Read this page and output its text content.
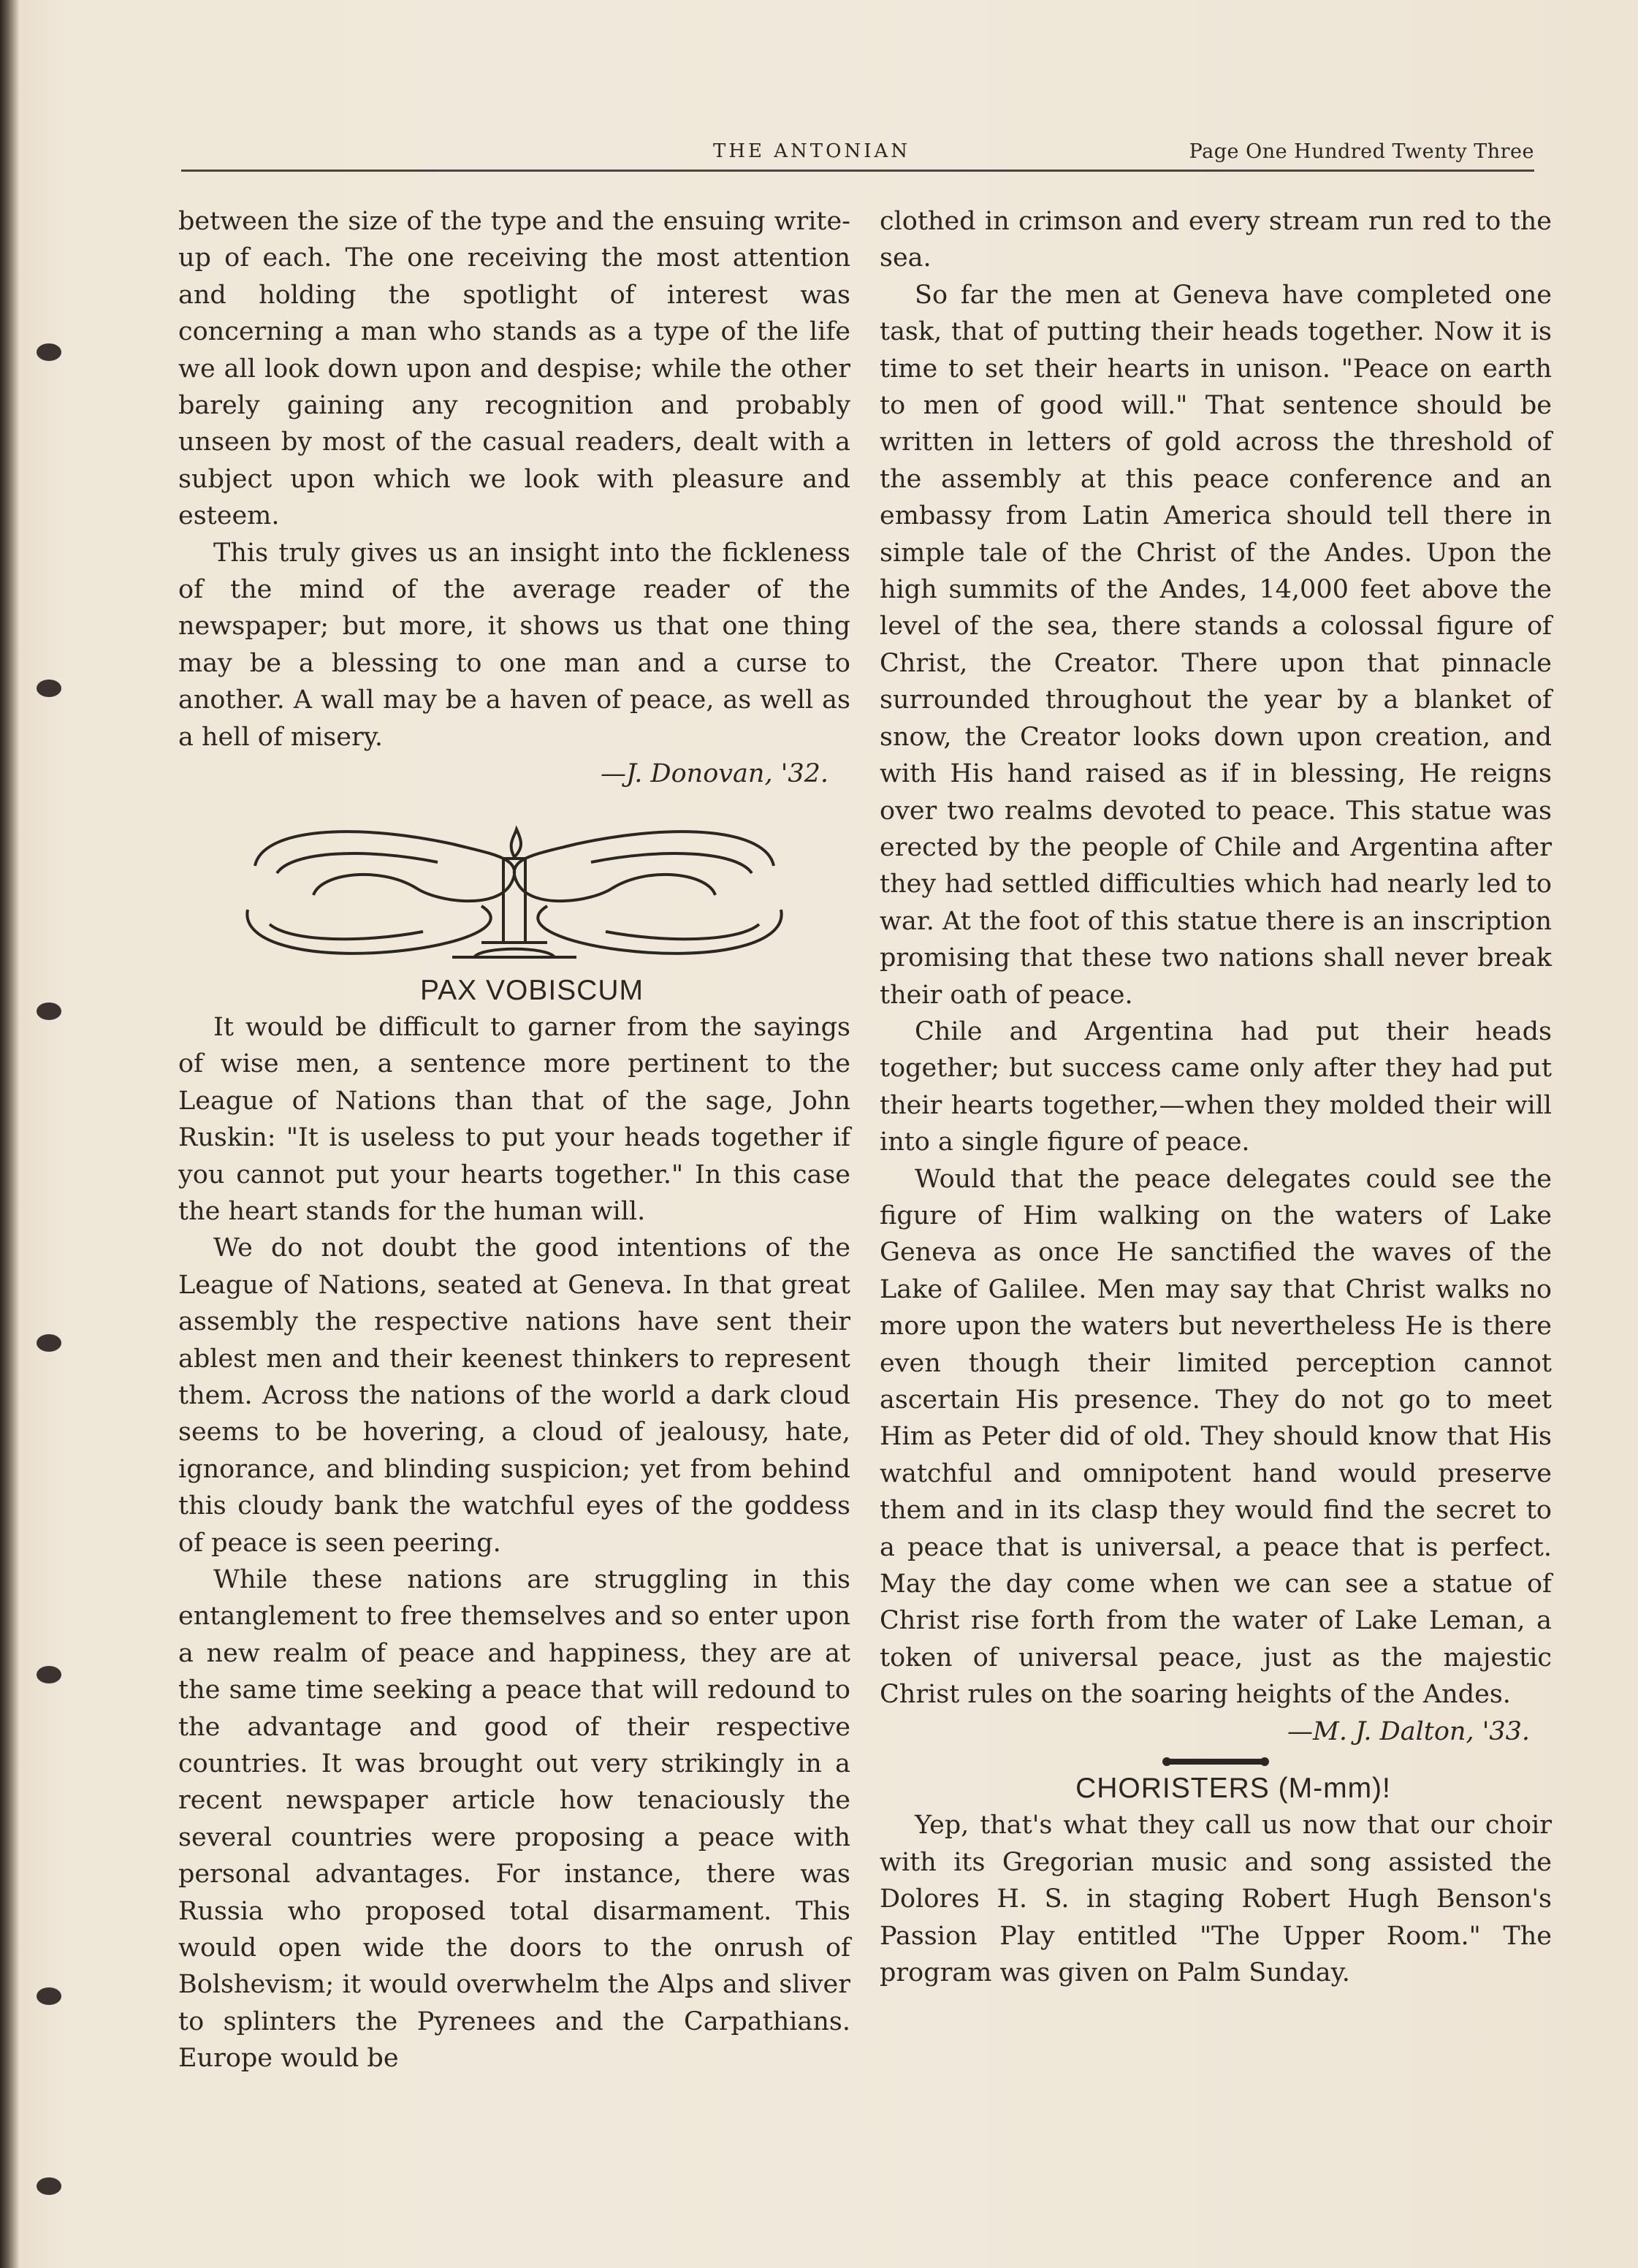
THE ANTONIAN	Page One Hundred Twenty Three

between the size of the type and the ensuing write-up of each. The one receiving the most attention and holding the spotlight of interest was concerning a man who stands as a type of the life we all look down upon and despise; while the other barely gaining any recognition and probably unseen by most of the casual readers, dealt with a subject upon which we look with pleasure and esteem.

This truly gives us an insight into the fickleness of the mind of the average reader of the newspaper; but more, it shows us that one thing may be a blessing to one man and a curse to another. A wall may be a haven of peace, as well as a hell of misery.

—J. Donovan, '32.

PAX VOBISCUM

It would be difficult to garner from the sayings of wise men, a sentence more pertinent to the League of Nations than that of the sage, John Ruskin: "It is useless to put your heads together if you cannot put your hearts together." In this case the heart stands for the human will.

We do not doubt the good intentions of the League of Nations, seated at Geneva. In that great assembly the respective nations have sent their ablest men and their keenest thinkers to represent them. Across the nations of the world a dark cloud seems to be hovering, a cloud of jealousy, hate, ignorance, and blinding suspicion; yet from behind this cloudy bank the watchful eyes of the goddess of peace is seen peering.

While these nations are struggling in this entanglement to free themselves and so enter upon a new realm of peace and happiness, they are at the same time seeking a peace that will redound to the advantage and good of their respective countries. It was brought out very strikingly in a recent newspaper article how tenaciously the several countries were proposing a peace with personal advantages. For instance, there was Russia who proposed total disarmament. This would open wide the doors to the onrush of Bolshevism; it would overwhelm the Alps and sliver to splinters the Pyrenees and the Carpathians. Europe would be

clothed in crimson and every stream run red to the sea.

So far the men at Geneva have completed one task, that of putting their heads together. Now it is time to set their hearts in unison. "Peace on earth to men of good will." That sentence should be written in letters of gold across the threshold of the assembly at this peace conference and an embassy from Latin America should tell there in simple tale of the Christ of the Andes. Upon the high summits of the Andes, 14,000 feet above the level of the sea, there stands a colossal figure of Christ, the Creator. There upon that pinnacle surrounded throughout the year by a blanket of snow, the Creator looks down upon creation, and with His hand raised as if in blessing, He reigns over two realms devoted to peace. This statue was erected by the people of Chile and Argentina after they had settled difficulties which had nearly led to war. At the foot of this statue there is an inscription promising that these two nations shall never break their oath of peace.

Chile and Argentina had put their heads together; but success came only after they had put their hearts together,—when they molded their will into a single figure of peace.

Would that the peace delegates could see the figure of Him walking on the waters of Lake Geneva as once He sanctified the waves of the Lake of Galilee. Men may say that Christ walks no more upon the waters but nevertheless He is there even though their limited perception cannot ascertain His presence. They do not go to meet Him as Peter did of old. They should know that His watchful and omnipotent hand would preserve them and in its clasp they would find the secret to a peace that is universal, a peace that is perfect. May the day come when we can see a statue of Christ rise forth from the water of Lake Leman, a token of universal peace, just as the majestic Christ rules on the soaring heights of the Andes.

—M. J. Dalton, '33.

CHORISTERS (M-mm)!

Yep, that's what they call us now that our choir with its Gregorian music and song assisted the Dolores H. S. in staging Robert Hugh Benson's Passion Play entitled "The Upper Room." The program was given on Palm Sunday.
